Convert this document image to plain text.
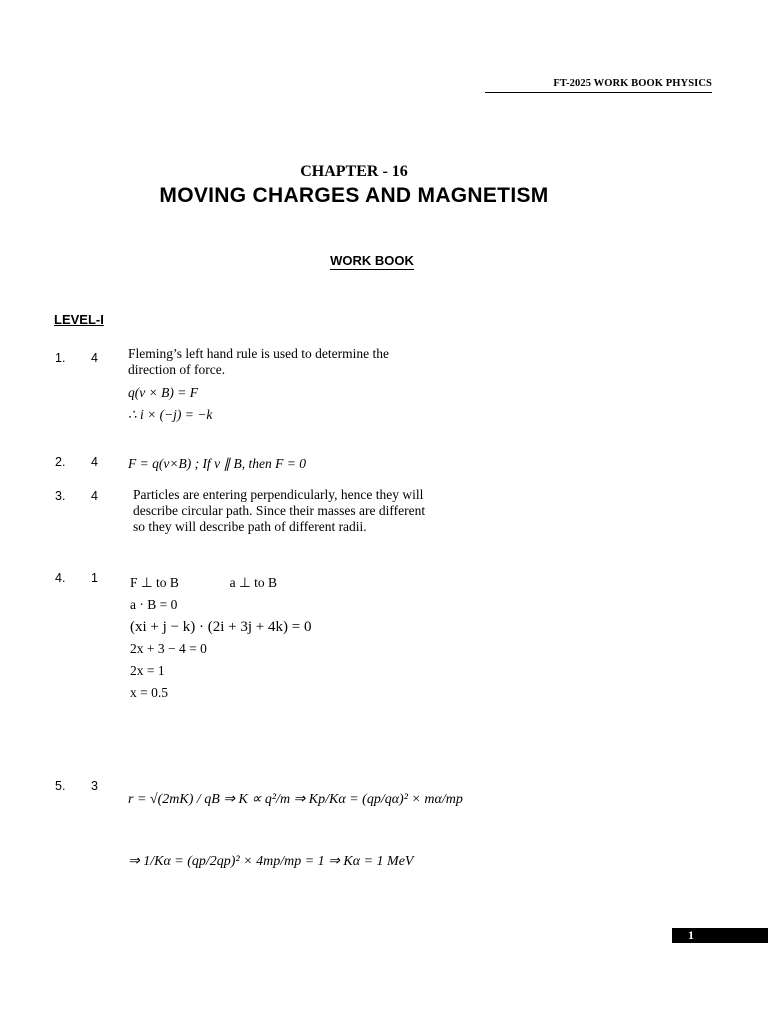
FT-2025 WORK BOOK PHYSICS
CHAPTER - 16
MOVING CHARGES AND MAGNETISM
WORK BOOK
LEVEL-I
1. 4 Fleming’s left hand rule is used to determine the
direction of force.
q(v × B) = F
∴ i × (−j) = −k
2. 4 F = q(v×B) ; If v ∥ B, then F = 0
3. 4	Particles are entering perpendicularly, hence they will
describe circular path. Since their masses are different
so they will describe path of different radii.
4. 1 F ⊥ to B	a ⊥ to B
a · B = 0
(xi + j − k) · (2i + 3j + 4k) = 0
2x + 3 − 4 = 0
2x = 1
x = 0.5
5. 3
r = √(2mK) / qB ⇒ K ∝ q²/m ⇒ Kp/Kα = (qp/qα)² × mα/mp
⇒ 1/Kα = (qp/2qp)² × 4mp/mp = 1 ⇒ Kα = 1 MeV
1
